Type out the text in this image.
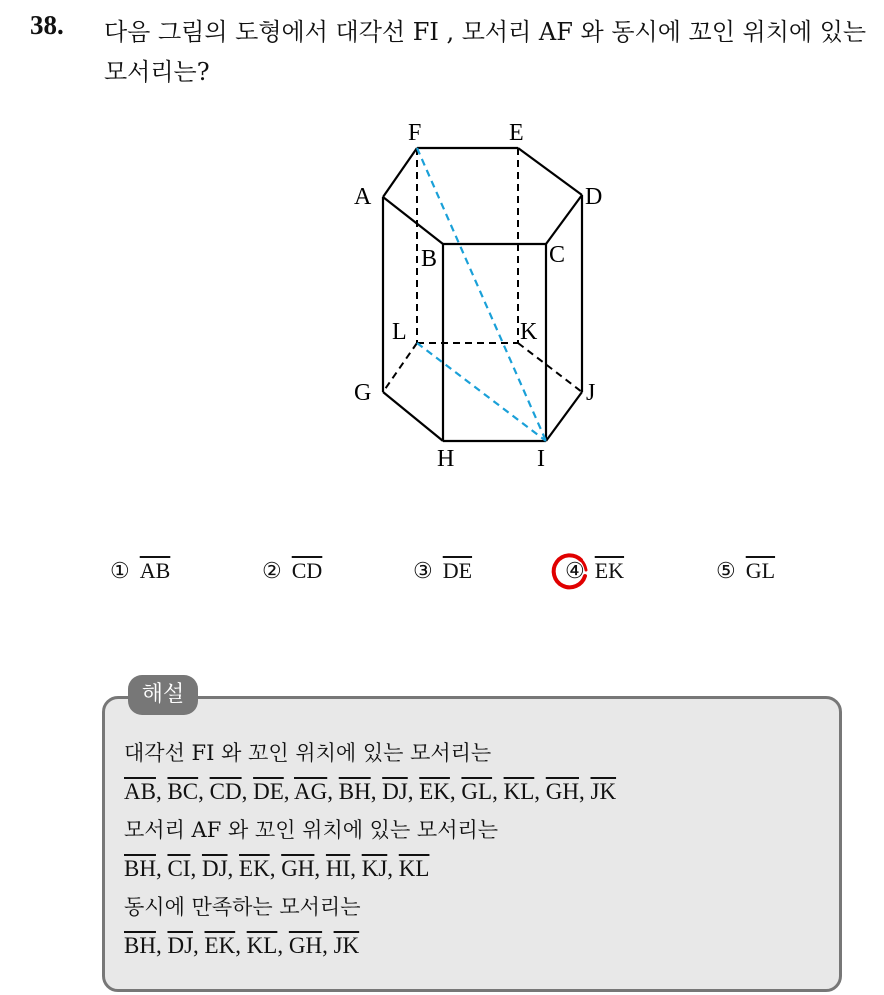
38. 다음 그림의 도형에서 대각선 FI , 모서리 AF 와 동시에 꼬인 위치에 있는 모서리는?
F	E
A	D
B	C
L	K
G	J
H	I
① $\overline{AB}$	② $\overline{CD}$	③ $\overline{DE}$	④ $\overline{EK}$	⑤ $\overline{GL}$
해설
대각선 FI 와 꼬인 위치에 있는 모서리는
$\overline{AB}$, $\overline{BC}$, $\overline{CD}$, $\overline{DE}$, $\overline{AG}$, $\overline{BH}$, $\overline{DJ}$, $\overline{EK}$, $\overline{GL}$, $\overline{KL}$, $\overline{GH}$, $\overline{JK}$
모서리 AF 와 꼬인 위치에 있는 모서리는
$\overline{BH}$, $\overline{CI}$, $\overline{DJ}$, $\overline{EK}$, $\overline{GH}$, $\overline{HI}$, $\overline{KJ}$, $\overline{KL}$
동시에 만족하는 모서리는
$\overline{BH}$, $\overline{DJ}$, $\overline{EK}$, $\overline{KL}$, $\overline{GH}$, $\overline{JK}$
